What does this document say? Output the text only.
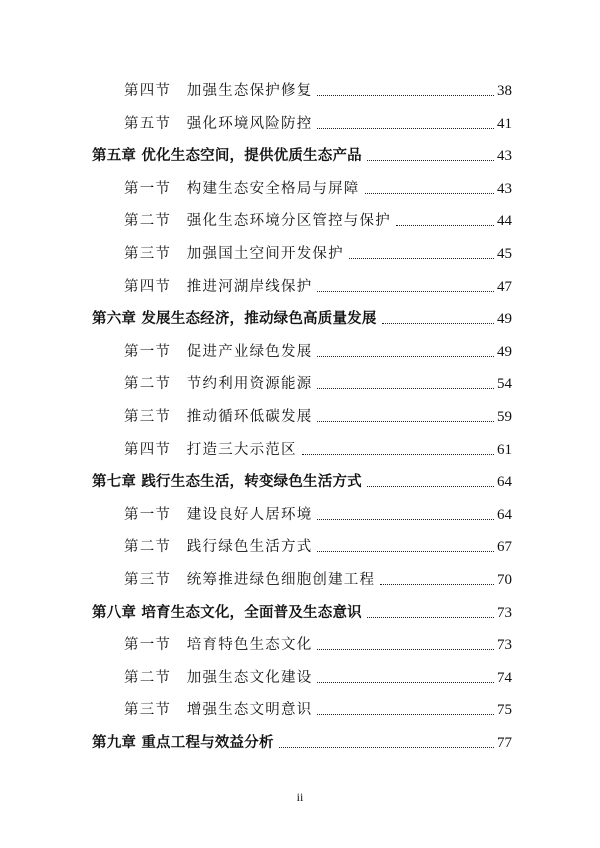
第四节　加强生态保护修复	38
第五节　强化环境风险防控	41
第五章 优化生态空间，提供优质生态产品	43
第一节　构建生态安全格局与屏障	43
第二节　强化生态环境分区管控与保护	44
第三节　加强国土空间开发保护	45
第四节　推进河湖岸线保护	47
第六章 发展生态经济，推动绿色高质量发展	49
第一节　促进产业绿色发展	49
第二节　节约利用资源能源	54
第三节　推动循环低碳发展	59
第四节　打造三大示范区	61
第七章 践行生态生活，转变绿色生活方式	64
第一节　建设良好人居环境	64
第二节　践行绿色生活方式	67
第三节　统筹推进绿色细胞创建工程	70
第八章 培育生态文化，全面普及生态意识	73
第一节　培育特色生态文化	73
第二节　加强生态文化建设	74
第三节　增强生态文明意识	75
第九章 重点工程与效益分析	77
ii
